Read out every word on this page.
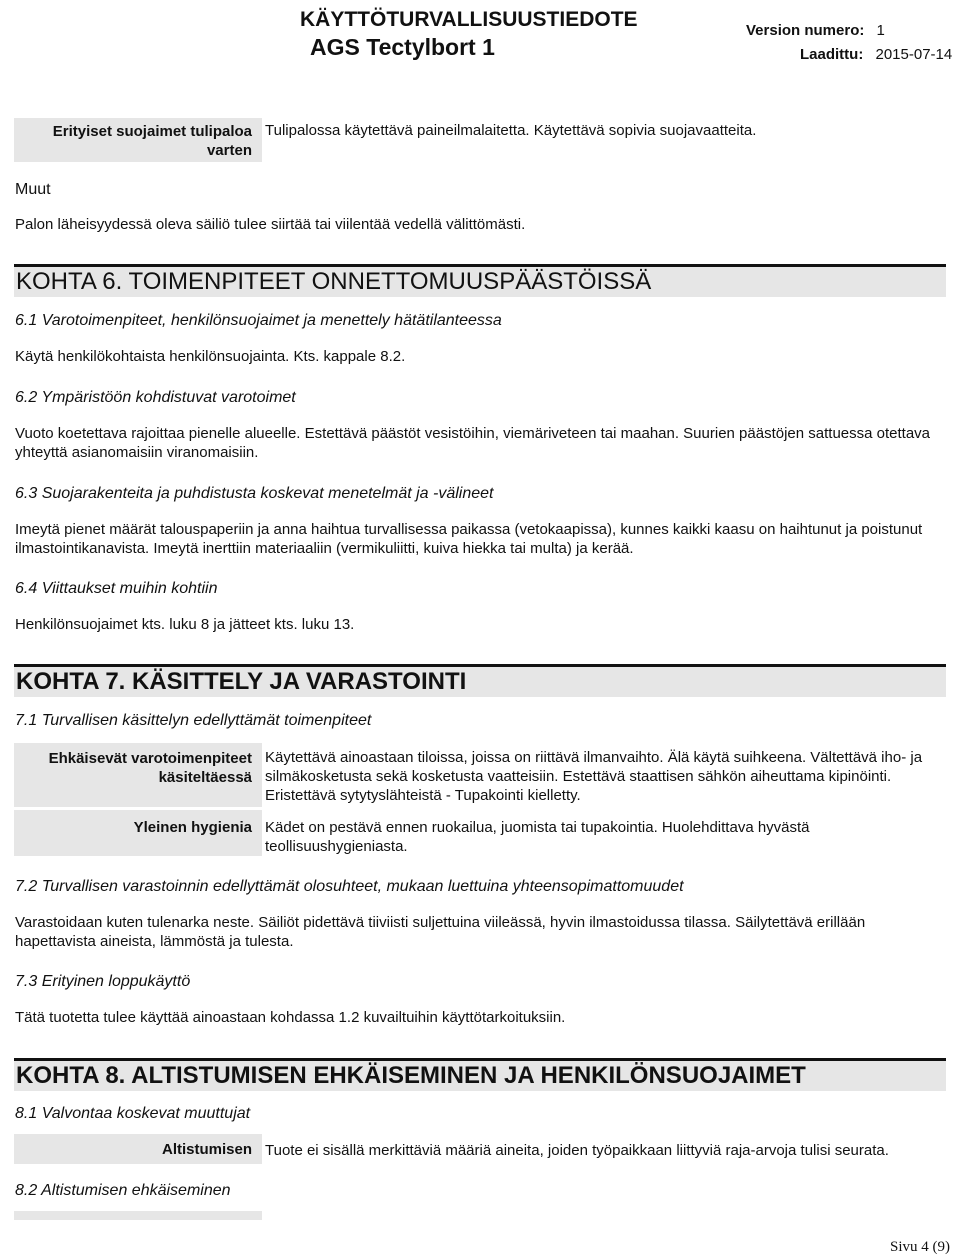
KÄYTTÖTURVALLISUUSTIEDOTE
AGS Tectylbort 1
Version numero: 1
Laadittu: 2015-07-14
Erityiset suojaimet tulipaloa varten
Tulipalossa käytettävä paineilmalaitetta. Käytettävä sopivia suojavaatteita.
Muut
Palon läheisyydessä oleva säiliö tulee siirtää tai viilentää vedellä välittömästi.
KOHTA 6. TOIMENPITEET ONNETTOMUUSPÄÄSTÖISSÄ
6.1 Varotoimenpiteet, henkilönsuojaimet ja menettely hätätilanteessa
Käytä henkilökohtaista henkilönsuojainta. Kts. kappale 8.2.
6.2 Ympäristöön kohdistuvat varotoimet
Vuoto koetettava rajoittaa pienelle alueelle. Estettävä päästöt vesistöihin, viemäriveteen tai maahan. Suurien päästöjen sattuessa otettava yhteyttä asianomaisiin viranomaisiin.
6.3 Suojarakenteita ja puhdistusta koskevat menetelmät ja -välineet
Imeytä pienet määrät talouspaperiin ja anna haihtua turvallisessa paikassa (vetokaapissa), kunnes kaikki kaasu on haihtunut ja poistunut ilmastointikanavista. Imeytä inerttiin materiaaliin (vermikuliitti, kuiva hiekka tai multa) ja kerää.
6.4 Viittaukset muihin kohtiin
Henkilönsuojaimet kts. luku 8 ja jätteet kts. luku 13.
KOHTA 7. KÄSITTELY JA VARASTOINTI
7.1 Turvallisen käsittelyn edellyttämät toimenpiteet
Ehkäisevät varotoimenpiteet käsiteltäessä
Käytettävä ainoastaan tiloissa, joissa on riittävä ilmanvaihto. Älä käytä suihkeena. Vältettävä iho- ja silmäkosketusta sekä kosketusta vaatteisiin. Estettävä staattisen sähkön aiheuttama kipinöinti. Eristettävä sytytyslähteistä - Tupakointi kielletty.
Yleinen hygienia Kädet on pestävä ennen ruokailua, juomista tai tupakointia. Huolehdittava hyvästä teollisuushygieniasta.
7.2 Turvallisen varastoinnin edellyttämät olosuhteet, mukaan luettuina yhteensopimattomuudet
Varastoidaan kuten tulenarka neste. Säiliöt pidettävä tiiviisti suljettuina viileässä, hyvin ilmastoidussa tilassa. Säilytettävä erillään hapettavista aineista, lämmöstä ja tulesta.
7.3 Erityinen loppukäyttö
Tätä tuotetta tulee käyttää ainoastaan kohdassa 1.2 kuvailtuihin käyttötarkoituksiin.
KOHTA 8. ALTISTUMISEN EHKÄISEMINEN JA HENKILÖNSUOJAIMET
8.1 Valvontaa koskevat muuttujat
Altistumisen Tuote ei sisällä merkittäviä määriä aineita, joiden työpaikkaan liittyviä raja-arvoja tulisi seurata.
8.2 Altistumisen ehkäiseminen
Sivu 4 (9)
